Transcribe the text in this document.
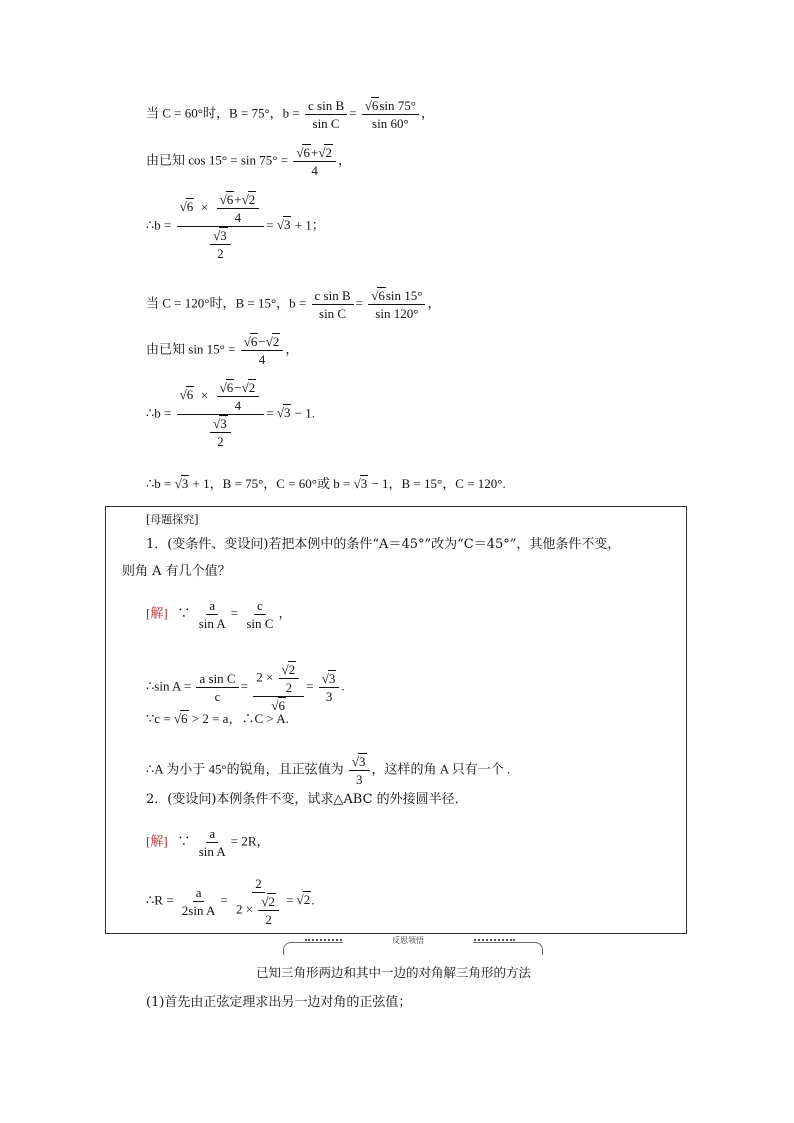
当 C = 60°时，B = 75°，$b = \frac{\text{c sin B}}{\text{sin C}} = \frac{√6\sin 75^\circ}{\sin 60^\circ}$ ，
由已知 $\cos 15^\circ = \sin 75^\circ = \frac{√6+√2}{4}$ ，
∴b = $\frac{√6 \times \frac{√6+√2}{4}}{\frac{√3}{2}} = √3 + 1$；
当 C = 120°时，B = 15°，$b = \frac{\text{c sin B}}{\text{sin C}} = \frac{√6\sin 15^\circ}{\sin 120^\circ}$ ，
由已知 $\sin 15^\circ = \frac{√6-√2}{4}$ ，
∴b = $\frac{√6 \times \frac{√6-√2}{4}}{\frac{√3}{2}} = √3 - 1$.
∴b = √3 + 1，B = 75°，C = 60°或 b = √3 − 1，B = 15°，C = 120°.
[母题探究]
1．(变条件、变设问)若把本例中的条件“A＝45°”改为“C＝45°”，其他条件不变，
则角 A 有几个值？
[解] ∵ $\frac{a}{\text{sin A}} = \frac{c}{\text{sin C}}$ ，
∴sin $A = \frac{\text{a sin C}}{c} = \frac{2 \times \frac{√2}{2}}{√6} = \frac{√3}{3}$ .
∵c = √6 > 2 = a，∴C > A.
∴A 为小于 45°的锐角，且正弦值为 $\frac{√3}{3}$ ，这样的角 A 只有一个 .
2．(变设问)本例条件不变，试求△ABC 的外接圆半径．
[解] ∵ $\frac{a}{\text{sin A}} = 2R$，
∴R = $\frac{a}{\text{2sin A}} = \frac{2}{2 \times \frac{√2}{2}} = √2$.
反思领悟
已知三角形两边和其中一边的对角解三角形的方法
(1)首先由正弦定理求出另一边对角的正弦值；
